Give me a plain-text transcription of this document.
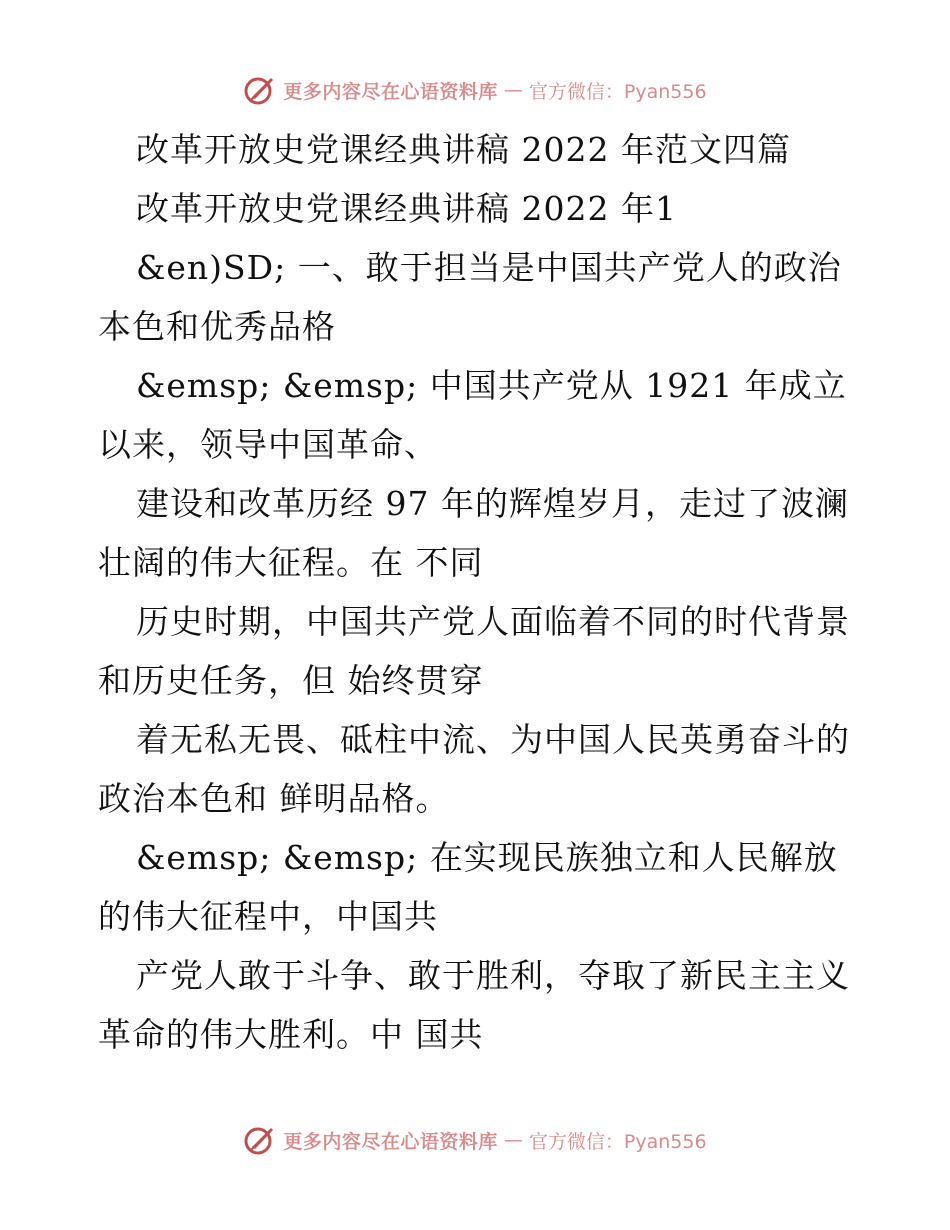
更多内容尽在心语资料库 — 官方微信：Pyan556

改革开放史党课经典讲稿 2022 年范文四篇

改革开放史党课经典讲稿 2022 年1

&en)SD; 一、敢于担当是中国共产党人的政治本色和优秀品格

&emsp; &emsp; 中国共产党从 1921 年成立以来，领导中国革命、

建设和改革历经 97 年的辉煌岁月，走过了波澜壮阔的伟大征程。在 不同

历史时期，中国共产党人面临着不同的时代背景和历史任务，但 始终贯穿

着无私无畏、砥柱中流、为中国人民英勇奋斗的政治本色和 鲜明品格。

&emsp; &emsp; 在实现民族独立和人民解放的伟大征程中，中国共

产党人敢于斗争、敢于胜利，夺取了新民主主义革命的伟大胜利。中 国共

更多内容尽在心语资料库 — 官方微信：Pyan556
